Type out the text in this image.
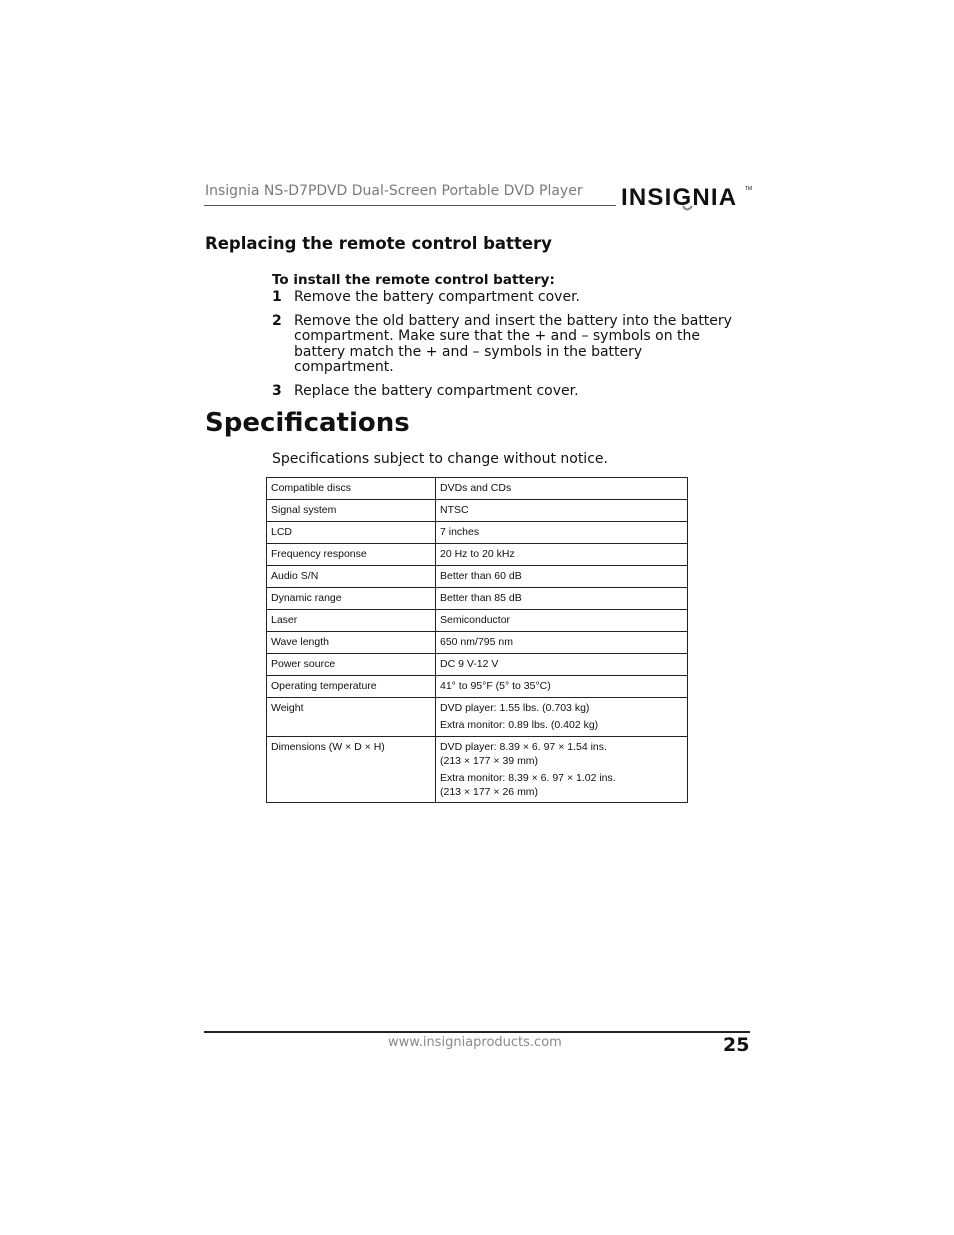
Insignia NS-D7PDVD Dual-Screen Portable DVD Player INSIGNIA TM
Replacing the remote control battery
To install the remote control battery:
1 Remove the battery compartment cover.
2 Remove the old battery and insert the battery into the battery compartment. Make sure that the + and – symbols on the battery match the + and – symbols in the battery compartment.
3 Replace the battery compartment cover.
Specifications
Specifications subject to change without notice.
Compatible discs	DVDs and CDs
Signal system	NTSC
LCD	7 inches
Frequency response	20 Hz to 20 kHz
Audio S/N	Better than 60 dB
Dynamic range	Better than 85 dB
Laser	Semiconductor
Wave length	650 nm/795 nm
Power source	DC 9 V-12 V
Operating temperature	41° to 95°F (5° to 35°C)
Weight	DVD player: 1.55 lbs. (0.703 kg)
Extra monitor: 0.89 lbs. (0.402 kg)

Dimensions (W × D × H)	DVD player: 8.39 × 6. 97 × 1.54 ins.
(213 × 177 × 39 mm)
Extra monitor: 8.39 × 6. 97 × 1.02 ins.
(213 × 177 × 26 mm)
www.insigniaproducts.com	25
